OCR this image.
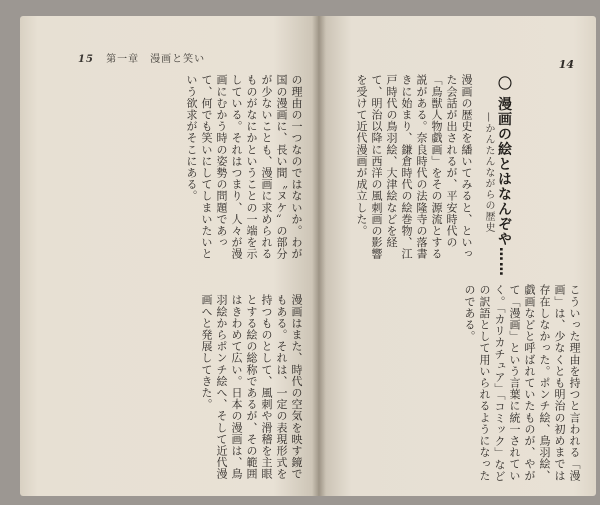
15 第一章　漫画と笑い
の理由の一つなのではないか。わが国の漫画に、長い間〝ヌケ〟の部分が少ないことも、漫画に求められるものがなにかということの一端を示している。それはつまり、人々が漫画にむかう時の姿勢の問題であって、何でも笑いにしてしまいたいという欲求がそこにある。
漫画はまた、時代の空気を映す鏡でもある。それは、一定の表現形式を持つものとして、風刺や滑稽を主眼とする絵の総称であるが、その範囲はきわめて広い。日本の漫画は、鳥羽絵からポンチ絵へ、そして近代漫画へと発展してきた。
14
漫画の歴史を繙いてみると、といった会話が出されるが、平安時代の「鳥獣人物戯画」をその源流とする説がある。奈良時代の法隆寺の落書きに始まり、鎌倉時代の絵巻物、江戸時代の鳥羽絵、大津絵などを経て、明治以降に西洋の風刺画の影響を受けて近代漫画が成立した。	〇 漫画の絵とはなんぞや……
—かんたんながらの歴史
こういった理由を持つと言われる「漫画」は、少なくとも明治の初めまでは存在しなかった。ポンチ絵、鳥羽絵、戯画などと呼ばれていたものが、やがて「漫画」という言葉に統一されていく。「カリカチュア」「コミック」などの訳語として用いられるようになったのである。
